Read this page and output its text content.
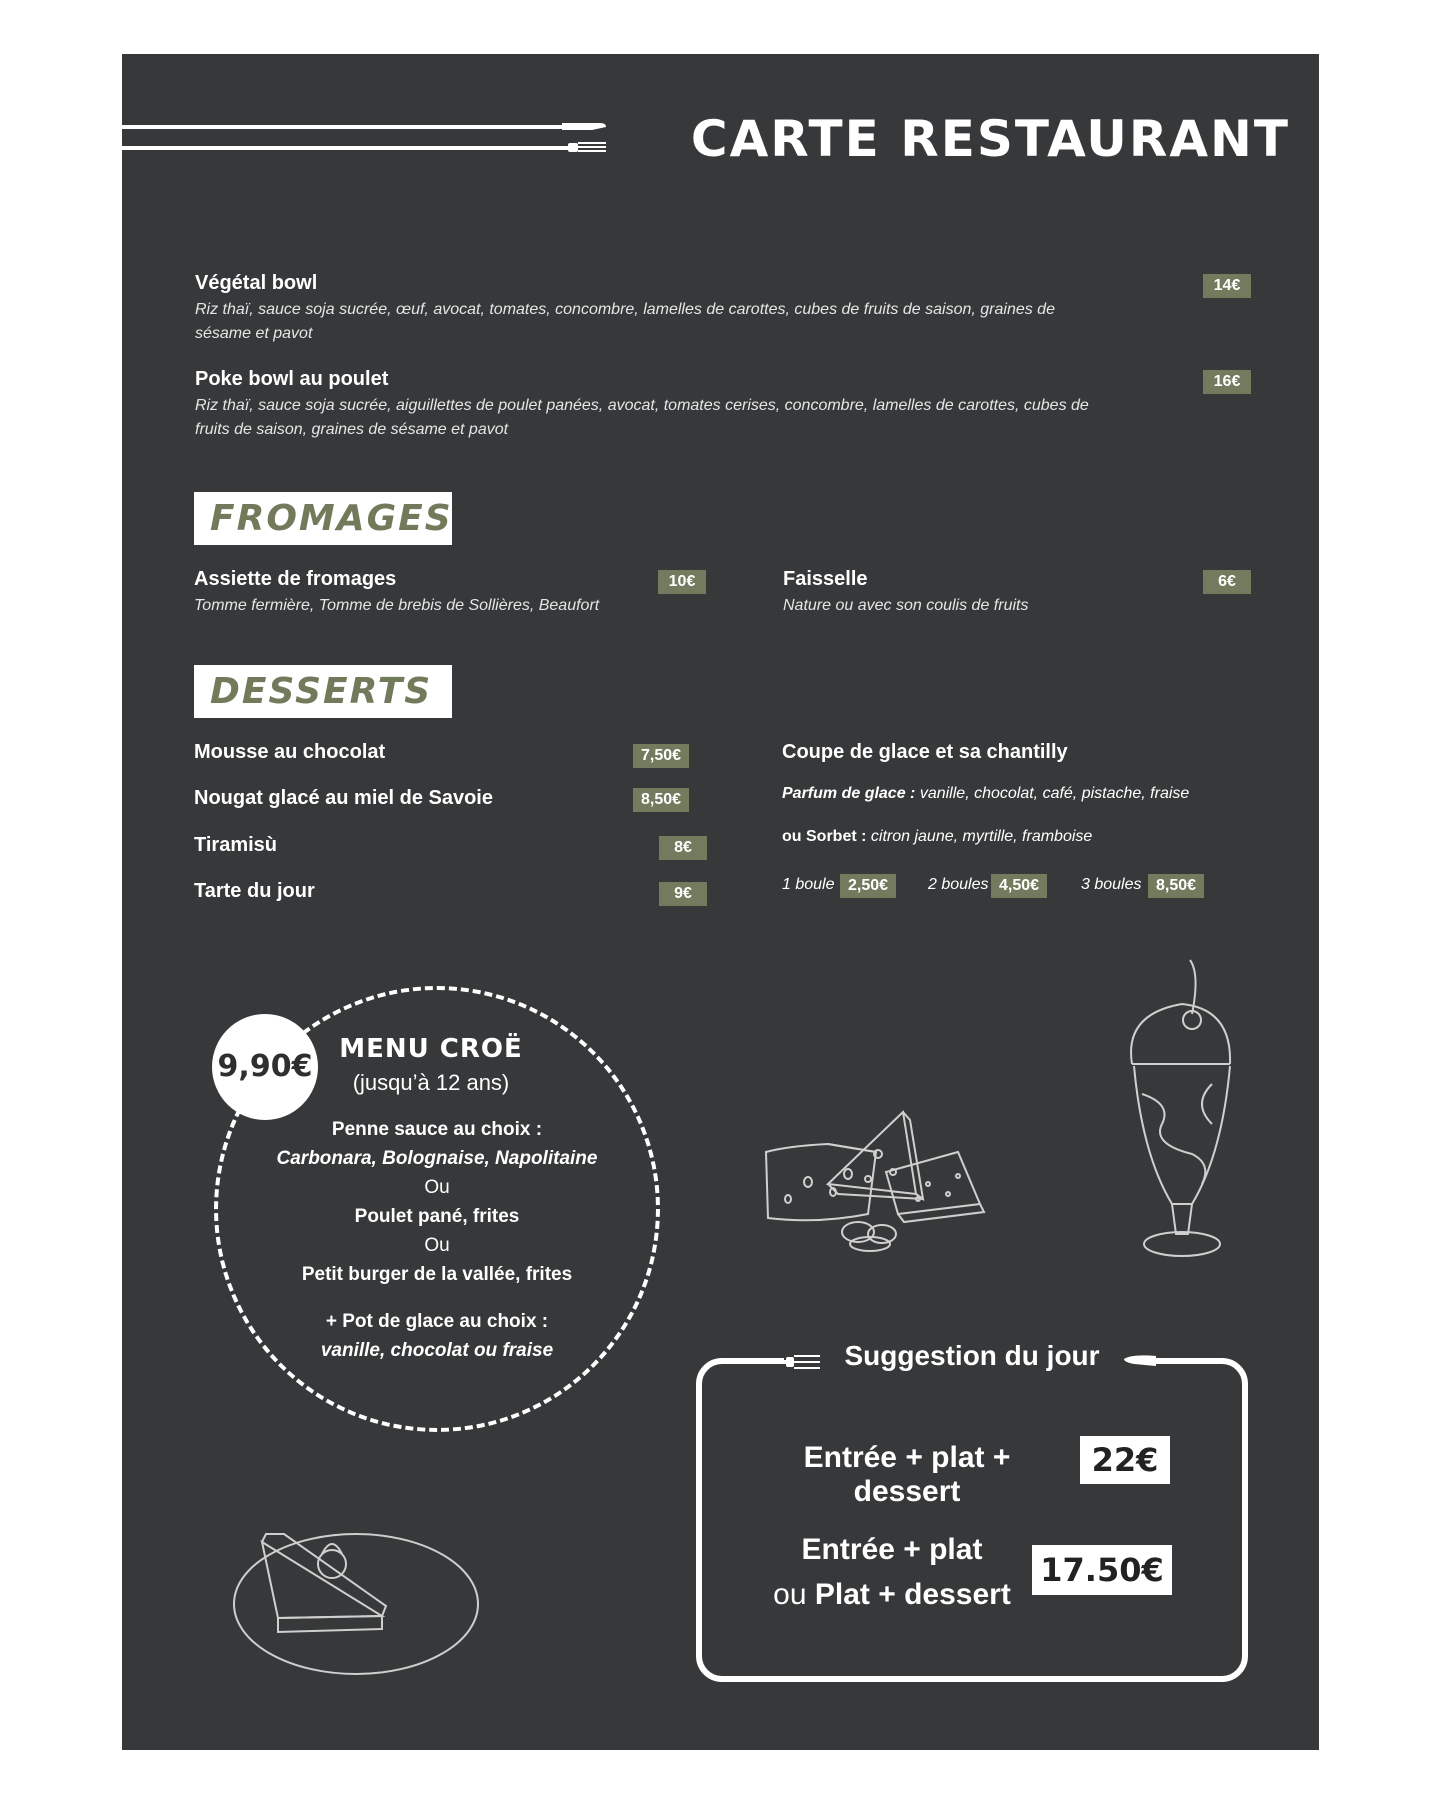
CARTE RESTAURANT
Végétal bowl
Riz thaï, sauce soja sucrée, œuf, avocat, tomates, concombre, lamelles de carottes, cubes de fruits de saison, graines de sésame et pavot
14€
Poke bowl au poulet
Riz thaï, sauce soja sucrée, aiguillettes de poulet panées, avocat, tomates cerises, concombre, lamelles de carottes, cubes de fruits de saison, graines de sésame et pavot
16€
FROMAGES
Assiette de fromages
Tomme fermière, Tomme de brebis de Sollières, Beaufort
10€	Faisselle
Nature ou avec son coulis de fruits
6€
DESSERTS
Mousse au chocolat	7,50€
Nougat glacé au miel de Savoie	8,50€
Tiramisù	8€
Tarte du jour	9€
Coupe de glace et sa chantilly
Parfum de glace : vanille, chocolat, café, pistache, fraise
ou Sorbet : citron jaune, myrtille, framboise
1 boule 2,50€	2 boules 4,50€	3 boules 8,50€
9,90€ MENU CROË
(jusqu’à 12 ans)
Penne sauce au choix :
Carbonara, Bolognaise, Napolitaine
Ou
Poulet pané, frites
Ou
Petit burger de la vallée, frites
+ Pot de glace au choix :
vanille, chocolat ou fraise	Suggestion du jour
Entrée + plat + dessert
22€
Entrée + plat
ou Plat + dessert
17.50€
